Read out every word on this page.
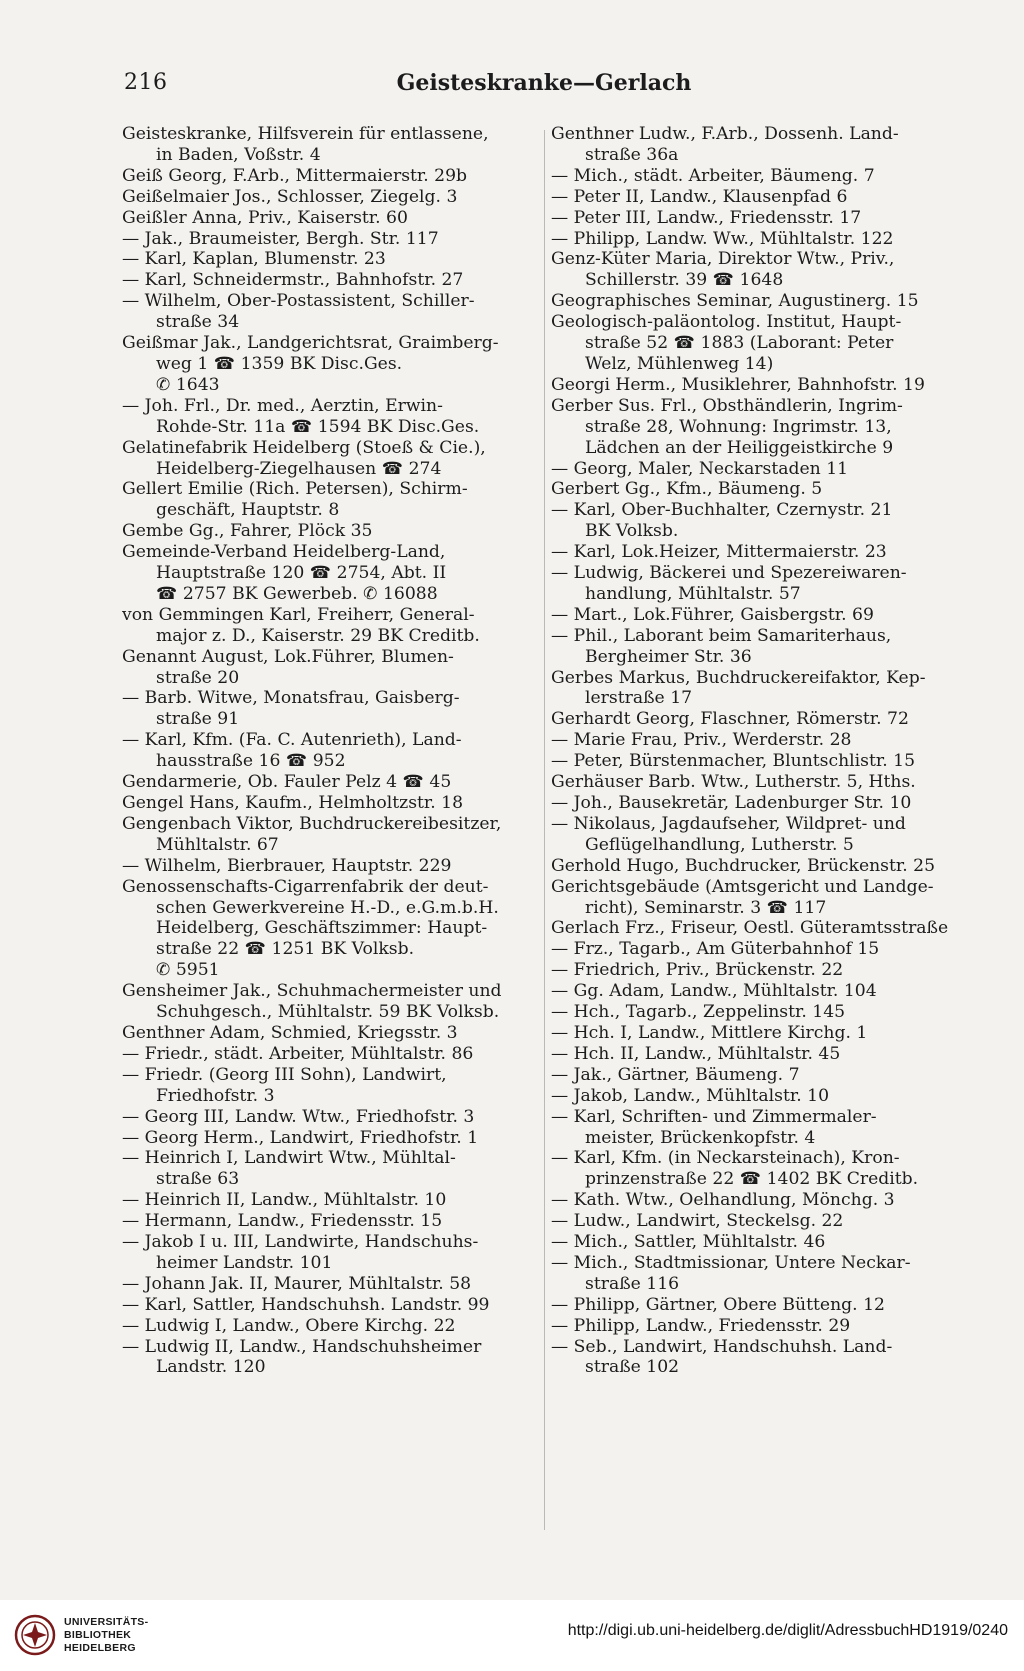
216	Geisteskranke—Gerlach
Geisteskranke, Hilfsverein für entlassene,
in Baden, Voßstr. 4
Geiß Georg, F.Arb., Mittermaierstr. 29b
Geißelmaier Jos., Schlosser, Ziegelg. 3
Geißler Anna, Priv., Kaiserstr. 60
— Jak., Braumeister, Bergh. Str. 117
— Karl, Kaplan, Blumenstr. 23
— Karl, Schneidermstr., Bahnhofstr. 27
— Wilhelm, Ober-Postassistent, Schiller-
straße 34
Geißmar Jak., Landgerichtsrat, Graimberg-
weg 1 ☎ 1359 BK Disc.Ges.
✆ 1643
— Joh. Frl., Dr. med., Aerztin, Erwin-
Rohde-Str. 11a ☎ 1594 BK Disc.Ges.
Gelatinefabrik Heidelberg (Stoeß & Cie.),
Heidelberg-Ziegelhausen ☎ 274
Gellert Emilie (Rich. Petersen), Schirm-
geschäft, Hauptstr. 8
Gembe Gg., Fahrer, Plöck 35
Gemeinde-Verband Heidelberg-Land,
Hauptstraße 120 ☎ 2754, Abt. II
☎ 2757 BK Gewerbeb. ✆ 16088
von Gemmingen Karl, Freiherr, General-
major z. D., Kaiserstr. 29 BK Creditb.
Genannt August, Lok.Führer, Blumen-
straße 20
— Barb. Witwe, Monatsfrau, Gaisberg-
straße 91
— Karl, Kfm. (Fa. C. Autenrieth), Land-
hausstraße 16 ☎ 952
Gendarmerie, Ob. Fauler Pelz 4 ☎ 45
Gengel Hans, Kaufm., Helmholtzstr. 18
Gengenbach Viktor, Buchdruckereibesitzer,
Mühltalstr. 67
— Wilhelm, Bierbrauer, Hauptstr. 229
Genossenschafts-Cigarrenfabrik der deut-
schen Gewerkvereine H.-D., e.G.m.b.H.
Heidelberg, Geschäftszimmer: Haupt-
straße 22 ☎ 1251 BK Volksb.
✆ 5951
Gensheimer Jak., Schuhmachermeister und
Schuhgesch., Mühltalstr. 59 BK Volksb.
Genthner Adam, Schmied, Kriegsstr. 3
— Friedr., städt. Arbeiter, Mühltalstr. 86
— Friedr. (Georg III Sohn), Landwirt,
Friedhofstr. 3
— Georg III, Landw. Wtw., Friedhofstr. 3
— Georg Herm., Landwirt, Friedhofstr. 1
— Heinrich I, Landwirt Wtw., Mühltal-
straße 63
— Heinrich II, Landw., Mühltalstr. 10
— Hermann, Landw., Friedensstr. 15
— Jakob I u. III, Landwirte, Handschuhs-
heimer Landstr. 101
— Johann Jak. II, Maurer, Mühltalstr. 58
— Karl, Sattler, Handschuhsh. Landstr. 99
— Ludwig I, Landw., Obere Kirchg. 22
— Ludwig II, Landw., Handschuhsheimer
Landstr. 120
Genthner Ludw., F.Arb., Dossenh. Land-
straße 36a
— Mich., städt. Arbeiter, Bäumeng. 7
— Peter II, Landw., Klausenpfad 6
— Peter III, Landw., Friedensstr. 17
— Philipp, Landw. Ww., Mühltalstr. 122
Genz-Küter Maria, Direktor Wtw., Priv.,
Schillerstr. 39 ☎ 1648
Geographisches Seminar, Augustinerg. 15
Geologisch-paläontolog. Institut, Haupt-
straße 52 ☎ 1883 (Laborant: Peter
Welz, Mühlenweg 14)
Georgi Herm., Musiklehrer, Bahnhofstr. 19
Gerber Sus. Frl., Obsthändlerin, Ingrim-
straße 28, Wohnung: Ingrimstr. 13,
Lädchen an der Heiliggeistkirche 9
— Georg, Maler, Neckarstaden 11
Gerbert Gg., Kfm., Bäumeng. 5
— Karl, Ober-Buchhalter, Czernystr. 21
BK Volksb.
— Karl, Lok.Heizer, Mittermaierstr. 23
— Ludwig, Bäckerei und Spezereiwaren-
handlung, Mühltalstr. 57
— Mart., Lok.Führer, Gaisbergstr. 69
— Phil., Laborant beim Samariterhaus,
Bergheimer Str. 36
Gerbes Markus, Buchdruckereifaktor, Kep-
lerstraße 17
Gerhardt Georg, Flaschner, Römerstr. 72
— Marie Frau, Priv., Werderstr. 28
— Peter, Bürstenmacher, Bluntschlistr. 15
Gerhäuser Barb. Wtw., Lutherstr. 5, Hths.
— Joh., Bausekretär, Ladenburger Str. 10
— Nikolaus, Jagdaufseher, Wildpret- und
Geflügelhandlung, Lutherstr. 5
Gerhold Hugo, Buchdrucker, Brückenstr. 25
Gerichtsgebäude (Amtsgericht und Landge-
richt), Seminarstr. 3 ☎ 117
Gerlach Frz., Friseur, Oestl. Güteramtsstraße
— Frz., Tagarb., Am Güterbahnhof 15
— Friedrich, Priv., Brückenstr. 22
— Gg. Adam, Landw., Mühltalstr. 104
— Hch., Tagarb., Zeppelinstr. 145
— Hch. I, Landw., Mittlere Kirchg. 1
— Hch. II, Landw., Mühltalstr. 45
— Jak., Gärtner, Bäumeng. 7
— Jakob, Landw., Mühltalstr. 10
— Karl, Schriften- und Zimmermaler-
meister, Brückenkopfstr. 4
— Karl, Kfm. (in Neckarsteinach), Kron-
prinzenstraße 22 ☎ 1402 BK Creditb.
— Kath. Wtw., Oelhandlung, Mönchg. 3
— Ludw., Landwirt, Steckelsg. 22
— Mich., Sattler, Mühltalstr. 46
— Mich., Stadtmissionar, Untere Neckar-
straße 116
— Philipp, Gärtner, Obere Bütteng. 12
— Philipp, Landw., Friedensstr. 29
— Seb., Landwirt, Handschuhsh. Land-
straße 102
UNIVERSITÄTS-
BIBLIOTHEK
HEIDELBERG
http://digi.ub.uni-heidelberg.de/diglit/AdressbuchHD1919/0240
